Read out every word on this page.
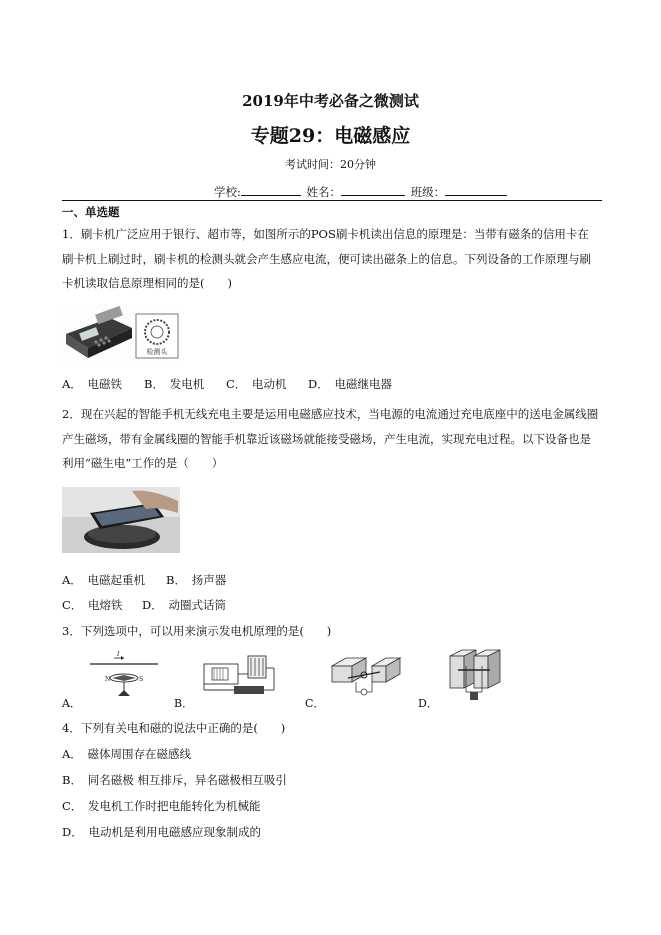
2019年中考必备之微测试
专题29：电磁感应
考试时间：20分钟
学校:	姓名：	班级：
一、单选题
1．刷卡机广泛应用于银行、超市等，如图所示的POS刷卡机读出信息的原理是：当带有磁条的信用卡在
刷卡机上刷过时，刷卡机的检测头就会产生感应电流，便可读出磁条上的信息。下列设备的工作原理与刷
卡机读取信息原理相同的是(　　)
检测头
A．　电磁铁 B．　发电机 C．　电动机 D．　电磁继电器
2．现在兴起的智能手机无线充电主要是运用电磁感应技术，当电源的电流通过充电底座中的送电金属线圈
产生磁场，带有金属线圈的智能手机靠近该磁场就能接受磁场，产生电流，实现充电过程。以下设备也是
利用“磁生电”工作的是（　　）
A．　电磁起重机 B．　扬声器
C．　电熔铁 D．　动圈式话筒
3．下列选项中，可以用来演示发电机原理的是(　　)
A．
I
N	S
B．	C．	D．
4．下列有关电和磁的说法中正确的是(　　)
A．　磁体周围存在磁感线
B．　同名磁极 相互排斥，异名磁极相互吸引
C．　发电机工作时把电能转化为机械能
D．　电动机是利用电磁感应现象制成的
